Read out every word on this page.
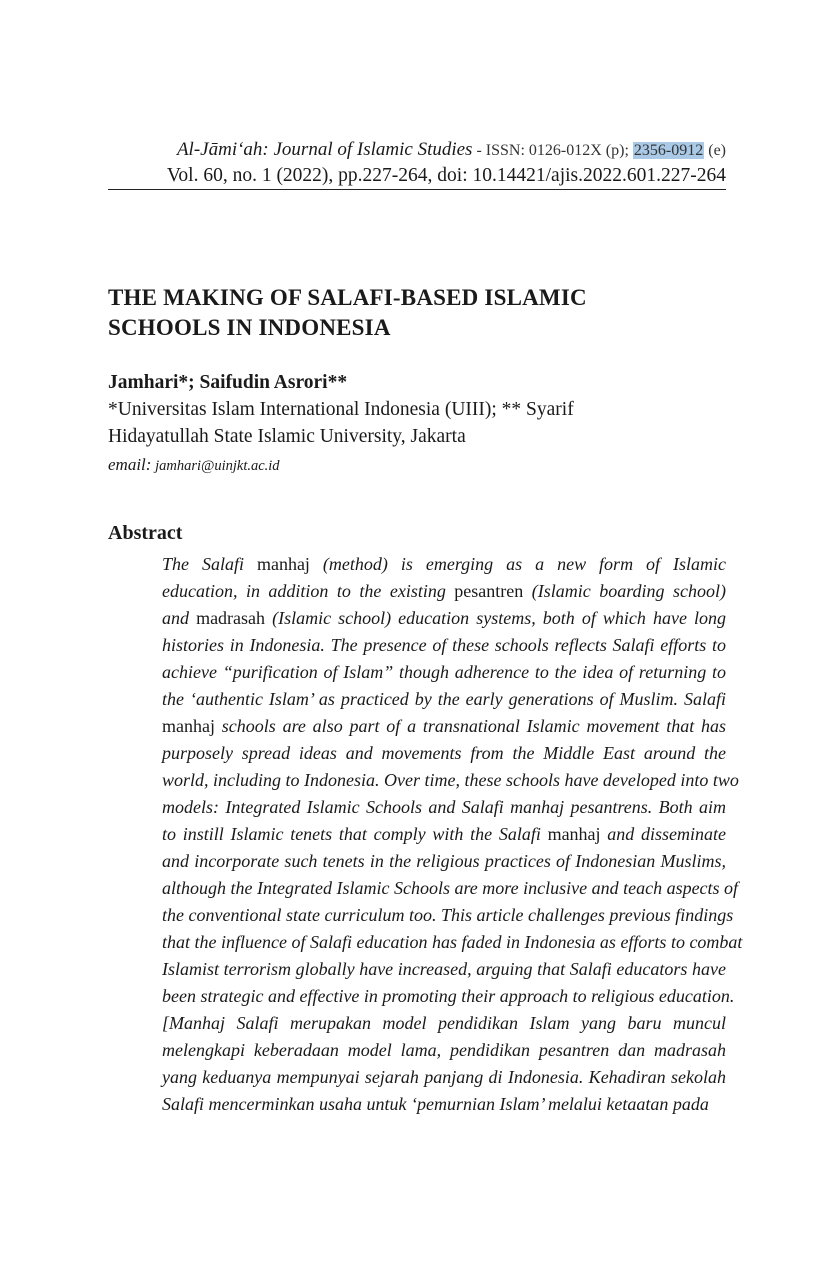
Al-Jāmi‘ah: Journal of Islamic Studies - ISSN: 0126-012X (p); 2356-0912 (e)
Vol. 60, no. 1 (2022), pp.227-264, doi: 10.14421/ajis.2022.601.227-264
THE MAKING OF SALAFI-BASED ISLAMIC
SCHOOLS IN INDONESIA
Jamhari*; Saifudin Asrori**
*Universitas Islam International Indonesia (UIII); ** Syarif
Hidayatullah State Islamic University, Jakarta
email: jamhari@uinjkt.ac.id
Abstract
The Salafi manhaj (method) is emerging as a new form of Islamic
education, in addition to the existing pesantren (Islamic boarding school)
and madrasah (Islamic school) education systems, both of which have long
histories in Indonesia. The presence of these schools reflects Salafi efforts to
achieve “purification of Islam” though adherence to the idea of returning to
the ‘authentic Islam’ as practiced by the early generations of Muslim. Salafi
manhaj schools are also part of a transnational Islamic movement that has
purposely spread ideas and movements from the Middle East around the
world, including to Indonesia. Over time, these schools have developed into two
models: Integrated Islamic Schools and Salafi manhaj pesantrens. Both aim
to instill Islamic tenets that comply with the Salafi manhaj and disseminate
and incorporate such tenets in the religious practices of Indonesian Muslims,
although the Integrated Islamic Schools are more inclusive and teach aspects of
the conventional state curriculum too. This article challenges previous findings
that the influence of Salafi education has faded in Indonesia as efforts to combat
Islamist terrorism globally have increased, arguing that Salafi educators have
been strategic and effective in promoting their approach to religious education.
[Manhaj Salafi merupakan model pendidikan Islam yang baru muncul
melengkapi keberadaan model lama, pendidikan pesantren dan madrasah
yang keduanya mempunyai sejarah panjang di Indonesia. Kehadiran sekolah
Salafi mencerminkan usaha untuk ‘pemurnian Islam’ melalui ketaatan pada
